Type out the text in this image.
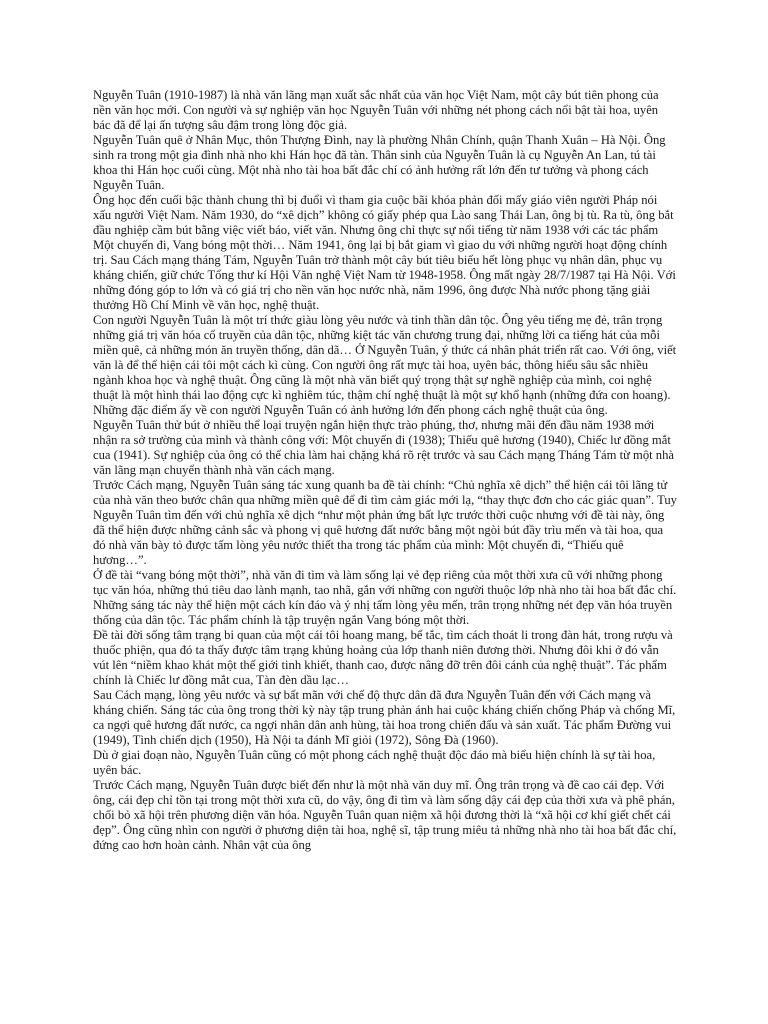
Nguyễn Tuân (1910-1987) là nhà văn lãng mạn xuất sắc nhất của văn học Việt Nam, một cây bút tiên phong của nền văn học mới. Con người và sự nghiệp văn học Nguyễn Tuân với những nét phong cách nổi bật tài hoa, uyên bác đã để lại ấn tượng sâu đậm trong lòng độc giả.

Nguyễn Tuân quê ở Nhân Mục, thôn Thượng Đình, nay là phường Nhân Chính, quận Thanh Xuân – Hà Nội. Ông sinh ra trong một gia đình nhà nho khi Hán học đã tàn. Thân sinh của Nguyễn Tuân là cụ Nguyễn An Lan, tú tài khoa thi Hán học cuối cùng. Một nhà nho tài hoa bất đắc chí có ảnh hưởng rất lớn đến tư tưởng và phong cách Nguyễn Tuân.

Ông học đến cuối bậc thành chung thì bị đuổi vì tham gia cuộc bãi khóa phản đối mấy giáo viên người Pháp nói xấu người Việt Nam. Năm 1930, do “xê dịch” không có giấy phép qua Lào sang Thái Lan, ông bị tù. Ra tù, ông bắt đầu nghiệp cầm bút bằng việc viết báo, viết văn. Nhưng ông chỉ thực sự nổi tiếng từ năm 1938 với các tác phẩm Một chuyến đi, Vang bóng một thời… Năm 1941, ông lại bị bắt giam vì giao du với những người hoạt động chính trị. Sau Cách mạng tháng Tám, Nguyễn Tuân trở thành một cây bút tiêu biểu hết lòng phục vụ nhân dân, phục vụ kháng chiến, giữ chức Tổng thư kí Hội Văn nghệ Việt Nam từ 1948-1958. Ông mất ngày 28/7/1987 tại Hà Nội. Với những đóng góp to lớn và có giá trị cho nền văn học nước nhà, năm 1996, ông được Nhà nước phong tặng giải thưởng Hồ Chí Minh về văn học, nghệ thuật.

Con người Nguyễn Tuân là một trí thức giàu lòng yêu nước và tinh thần dân tộc. Ông yêu tiếng mẹ đẻ, trân trọng những giá trị văn hóa cổ truyền của dân tộc, những kiệt tác văn chương trung đại, những lời ca tiếng hát của mỗi miền quê, cả những món ăn truyền thống, dân dã… Ở Nguyễn Tuân, ý thức cá nhân phát triển rất cao. Với ông, viết văn là để thể hiện cái tôi một cách kì cùng. Con người ông rất mực tài hoa, uyên bác, thông hiểu sâu sắc nhiều ngành khoa học và nghệ thuật. Ông cũng là một nhà văn biết quý trọng thật sự nghề nghiệp của mình, coi nghệ thuật là một hình thái lao động cực kì nghiêm túc, thậm chí nghệ thuật là một sự khổ hạnh (những đứa con hoang). Những đặc điểm ấy về con người Nguyễn Tuân có ảnh hưởng lớn đến phong cách nghệ thuật của ông.

Nguyễn Tuân thử bút ở nhiều thể loại truyện ngắn hiện thực trào phúng, thơ, nhưng mãi đến đầu năm 1938 mới nhận ra sở trường của mình và thành công với: Một chuyến đi (1938); Thiếu quê hương (1940), Chiếc lư đồng mắt cua (1941). Sự nghiệp của ông có thể chia làm hai chặng khá rõ rệt trước và sau Cách mạng Tháng Tám từ một nhà văn lãng mạn chuyển thành nhà văn cách mạng.

Trước Cách mạng, Nguyễn Tuân sáng tác xung quanh ba đề tài chính: “Chủ nghĩa xê dịch” thể hiện cái tôi lãng tử của nhà văn theo bước chân qua những miền quê để đi tìm cảm giác mới lạ, “thay thực đơn cho các giác quan”. Tuy Nguyễn Tuân tìm đến với chủ nghĩa xê dịch “như một phản ứng bất lực trước thời cuộc nhưng với đề tài này, ông đã thể hiện được những cảnh sắc và phong vị quê hương đất nước bằng một ngòi bút đầy trìu mến và tài hoa, qua đó nhà văn bày tỏ được tấm lòng yêu nước thiết tha trong tác phẩm của mình: Một chuyến đi, “Thiếu quê hương…”.

Ở đề tài “vang bóng một thời”, nhà văn đi tìm và làm sống lại vẻ đẹp riêng của một thời xưa cũ với những phong tục văn hóa, những thú tiêu dao lành mạnh, tao nhã, gắn với những con người thuộc lớp nhà nho tài hoa bất đắc chí. Những sáng tác này thể hiện một cách kín đáo và ý nhị tấm lòng yêu mến, trân trọng những nét đẹp văn hóa truyền thống của dân tộc. Tác phẩm chính là tập truyện ngắn Vang bóng một thời.

Đề tài đời sống tâm trạng bi quan của một cái tôi hoang mang, bế tắc, tìm cách thoát li trong đàn hát, trong rượu và thuốc phiện, qua đó ta thấy được tâm trạng khủng hoảng của lớp thanh niên đương thời. Nhưng đôi khi ở đó vẫn vút lên “niềm khao khát một thế giới tinh khiết, thanh cao, được nâng đỡ trên đôi cánh của nghệ thuật”. Tác phẩm chính là Chiếc lư đồng mắt cua, Tàn đèn dầu lạc…

Sau Cách mạng, lòng yêu nước và sự bất mãn với chế độ thực dân đã đưa Nguyễn Tuân đến với Cách mạng và kháng chiến. Sáng tác của ông trong thời kỳ này tập trung phản ánh hai cuộc kháng chiến chống Pháp và chống Mĩ, ca ngợi quê hương đất nước, ca ngợi nhân dân anh hùng, tài hoa trong chiến đấu và sản xuất. Tác phẩm Đường vui (1949), Tình chiến dịch (1950), Hà Nội ta đánh Mĩ giỏi (1972), Sông Đà (1960).

Dù ở giai đoạn nào, Nguyễn Tuân cũng có một phong cách nghệ thuật độc đáo mà biểu hiện chính là sự tài hoa, uyên bác.

Trước Cách mạng, Nguyễn Tuân được biết đến như là một nhà văn duy mĩ. Ông trân trọng và đề cao cái đẹp. Với ông, cái đẹp chỉ tồn tại trong một thời xưa cũ, do vậy, ông đi tìm và làm sống dậy cái đẹp của thời xưa và phê phán, chối bỏ xã hội trên phương diện văn hóa. Nguyễn Tuân quan niệm xã hội đương thời là “xã hội cơ khí giết chết cái đẹp”. Ông cũng nhìn con người ở phương diện tài hoa, nghệ sĩ, tập trung miêu tả những nhà nho tài hoa bất đắc chí, đứng cao hơn hoàn cảnh. Nhân vật của ông
